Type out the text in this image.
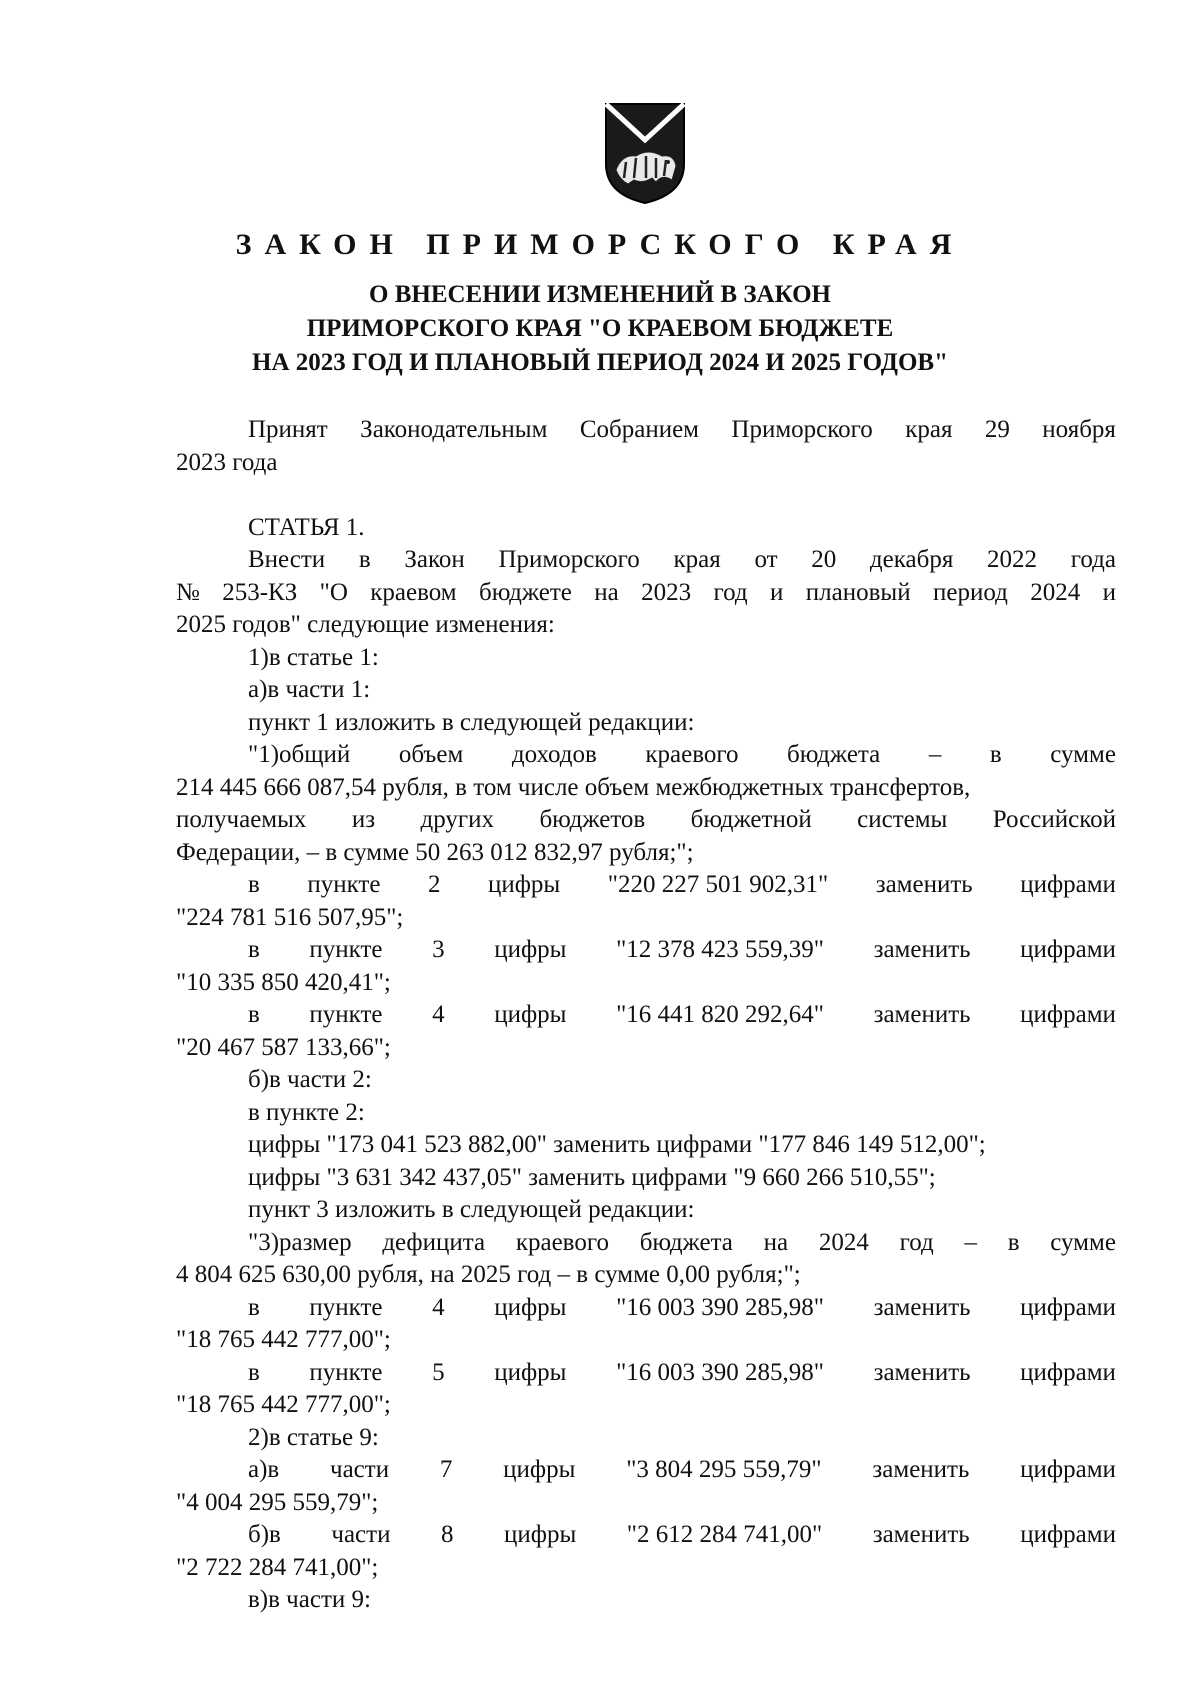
ЗАКОН ПРИМОРСКОГО КРАЯ
О ВНЕСЕНИИ ИЗМЕНЕНИЙ В ЗАКОН
ПРИМОРСКОГО КРАЯ "О КРАЕВОМ БЮДЖЕТЕ
НА 2023 ГОД И ПЛАНОВЫЙ ПЕРИОД 2024 И 2025 ГОДОВ"
Принят Законодательным Собранием Приморского края 29 ноября
2023 года
СТАТЬЯ 1.
Внести в Закон Приморского края от 20 декабря 2022 года
№ 253-КЗ "О краевом бюджете на 2023 год и плановый период 2024 и
2025 годов" следующие изменения:
1)в статье 1:
а)в части 1:
пункт 1 изложить в следующей редакции:
"1)общий объем доходов краевого бюджета – в сумме
214 445 666 087,54 рубля, в том числе объем межбюджетных трансфертов,
получаемых из других бюджетов бюджетной системы Российской
Федерации, – в сумме 50 263 012 832,97 рубля;";
в пункте 2 цифры "220 227 501 902,31" заменить цифрами
"224 781 516 507,95";
в пункте 3 цифры "12 378 423 559,39" заменить цифрами
"10 335 850 420,41";
в пункте 4 цифры "16 441 820 292,64" заменить цифрами
"20 467 587 133,66";
б)в части 2:
в пункте 2:
цифры "173 041 523 882,00" заменить цифрами "177 846 149 512,00";
цифры "3 631 342 437,05" заменить цифрами "9 660 266 510,55";
пункт 3 изложить в следующей редакции:
"3)размер дефицита краевого бюджета на 2024 год – в сумме
4 804 625 630,00 рубля, на 2025 год – в сумме 0,00 рубля;";
в пункте 4 цифры "16 003 390 285,98" заменить цифрами
"18 765 442 777,00";
в пункте 5 цифры "16 003 390 285,98" заменить цифрами
"18 765 442 777,00";
2)в статье 9:
а)в части 7 цифры "3 804 295 559,79" заменить цифрами
"4 004 295 559,79";
б)в части 8 цифры "2 612 284 741,00" заменить цифрами
"2 722 284 741,00";
в)в части 9:
